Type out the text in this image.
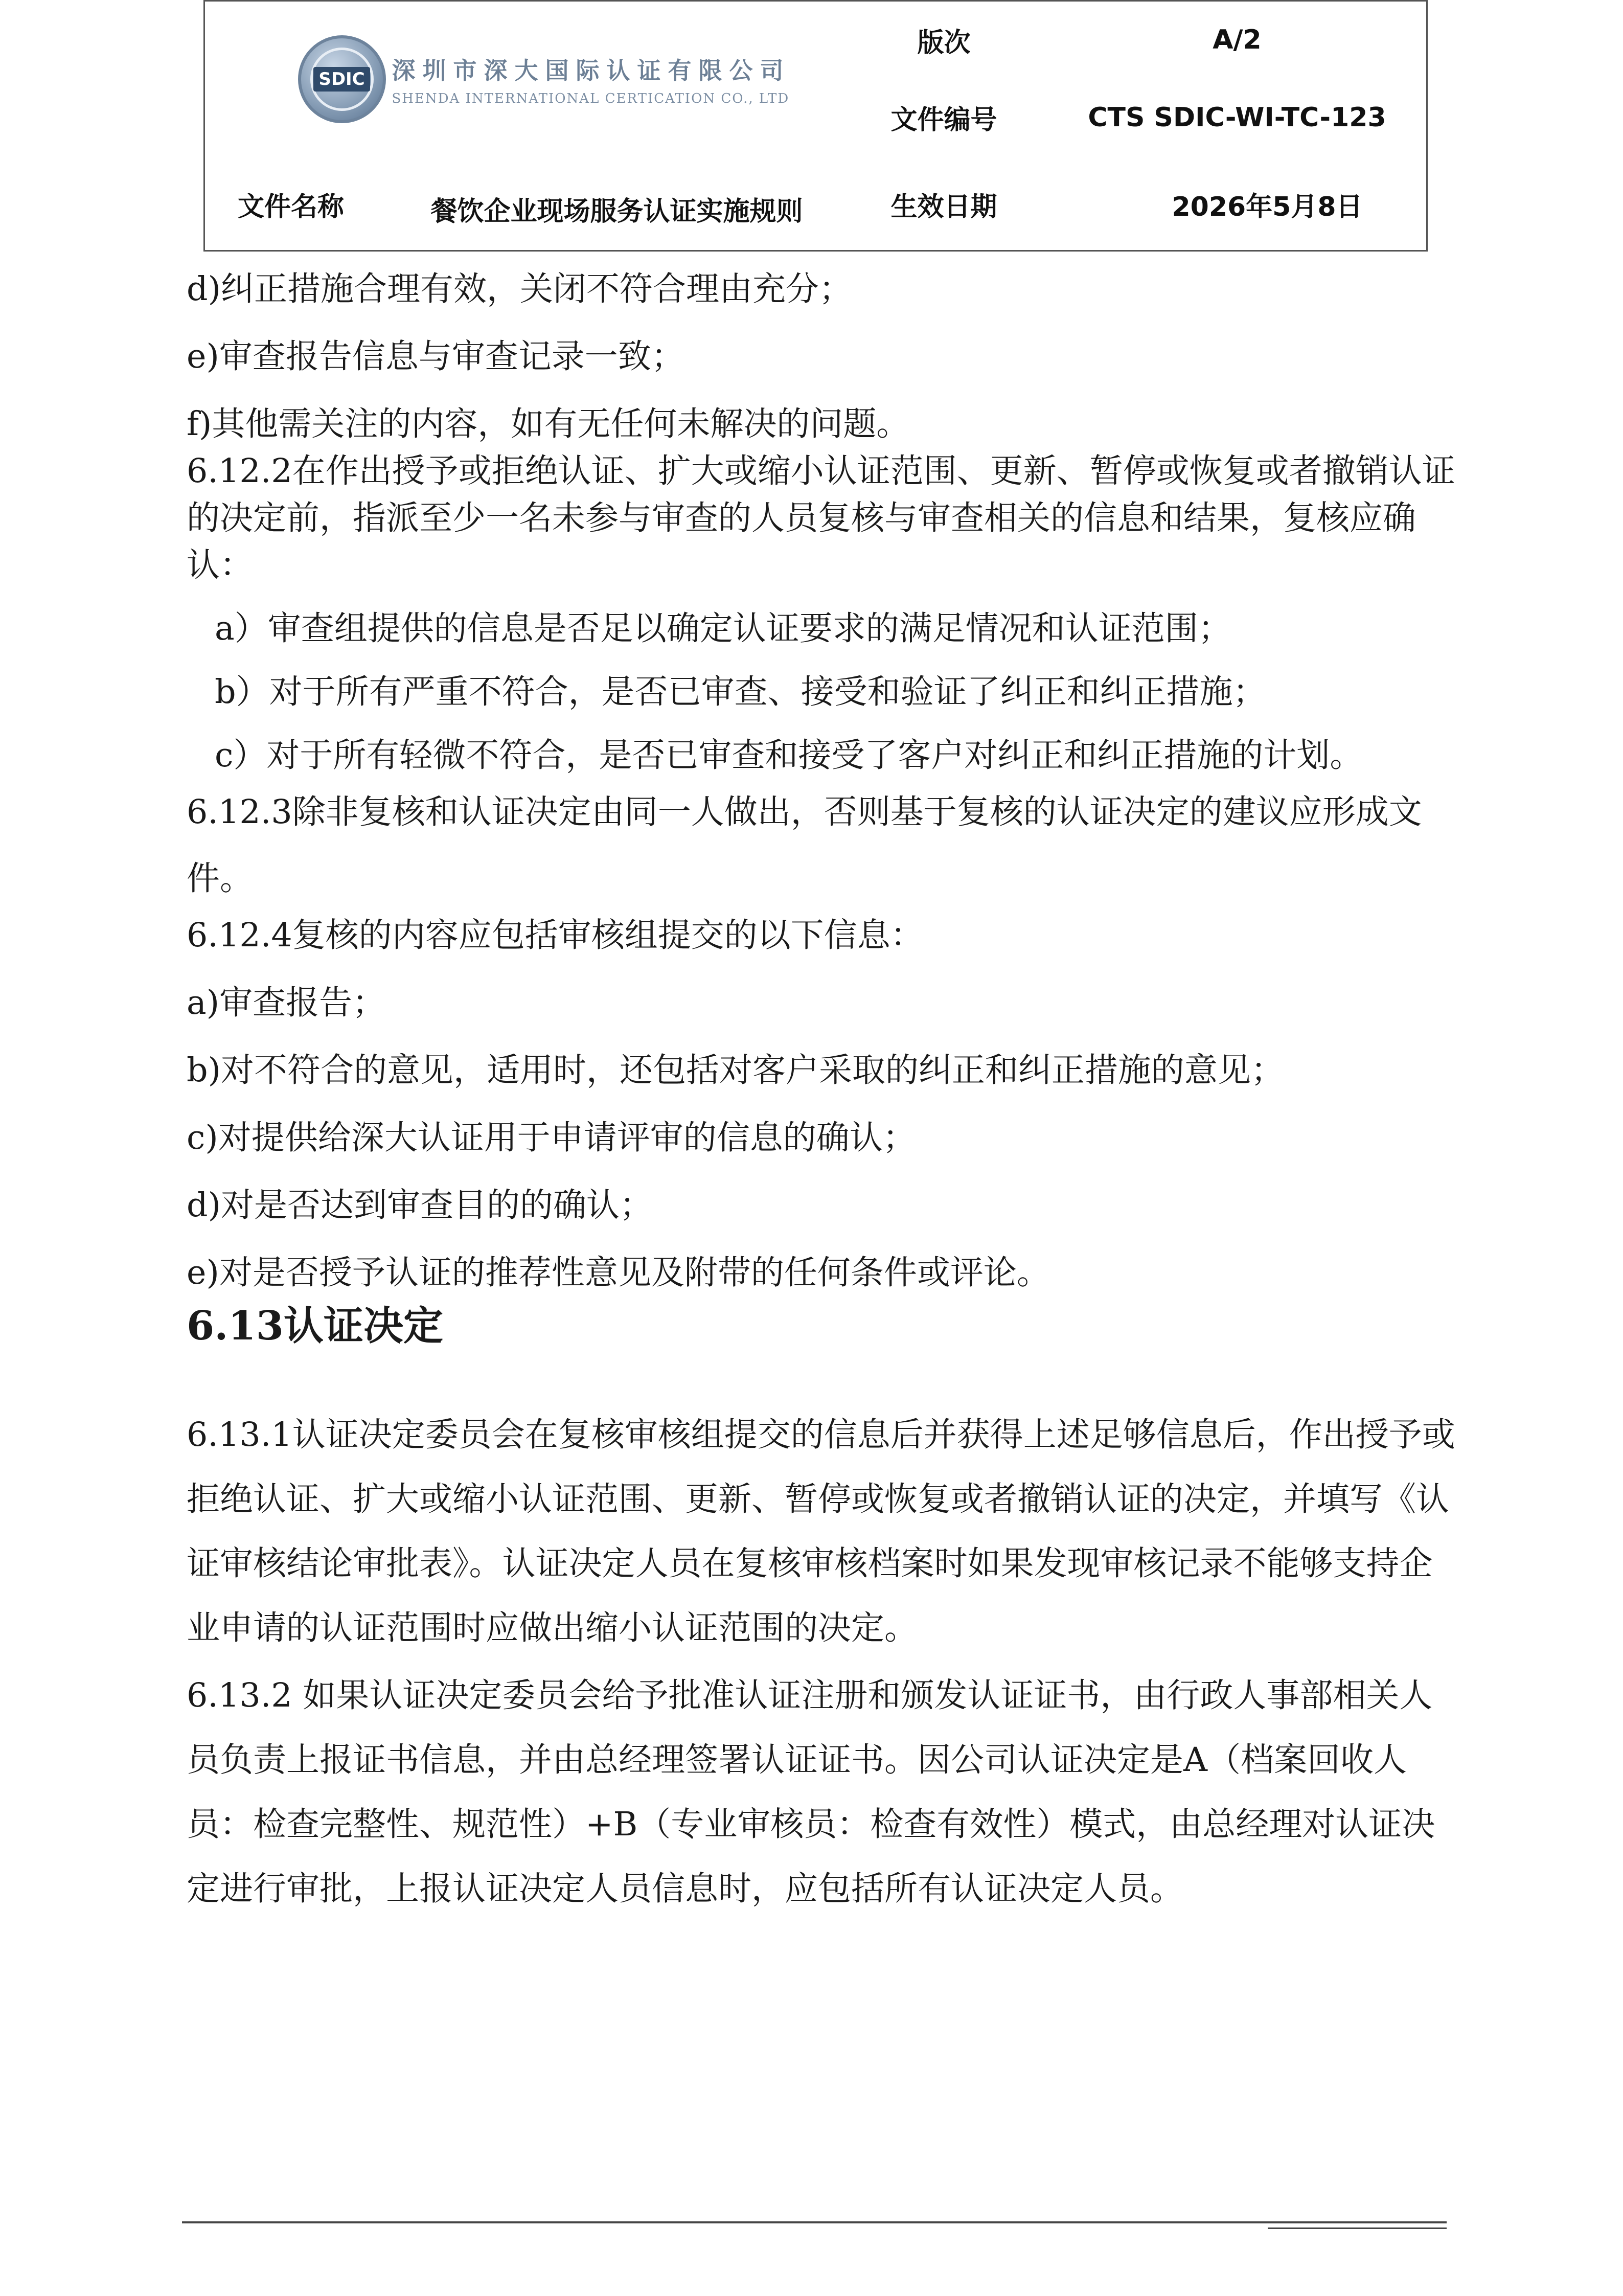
SDIC 深圳市深大国际认证有限公司
SHENDA INTERNATIONAL CERTICATION CO., LTD
文件名称	餐饮企业现场服务认证实施规则
版次	A/2
文件编号	CTS SDIC-WI-TC-123
生效日期	2026年5月8日

d)纠正措施合理有效，关闭不符合理由充分；

e)审查报告信息与审查记录一致；

f)其他需关注的内容，如有无任何未解决的问题。

6.12.2在作出授予或拒绝认证、扩大或缩小认证范围、更新、暂停或恢复或者撤销认证的决定前，指派至少一名未参与审查的人员复核与审查相关的信息和结果，复核应确认：

a）审查组提供的信息是否足以确定认证要求的满足情况和认证范围；

b）对于所有严重不符合，是否已审查、接受和验证了纠正和纠正措施；

c）对于所有轻微不符合，是否已审查和接受了客户对纠正和纠正措施的计划。

6.12.3除非复核和认证决定由同一人做出，否则基于复核的认证决定的建议应形成文件。

6.12.4复核的内容应包括审核组提交的以下信息：

a)审查报告；

b)对不符合的意见，适用时，还包括对客户采取的纠正和纠正措施的意见；

c)对提供给深大认证用于申请评审的信息的确认；

d)对是否达到审查目的的确认；

e)对是否授予认证的推荐性意见及附带的任何条件或评论。

6.13认证决定

6.13.1认证决定委员会在复核审核组提交的信息后并获得上述足够信息后，作出授予或拒绝认证、扩大或缩小认证范围、更新、暂停或恢复或者撤销认证的决定，并填写《认证审核结论审批表》。认证决定人员在复核审核档案时如果发现审核记录不能够支持企业申请的认证范围时应做出缩小认证范围的决定。

6.13.2 如果认证决定委员会给予批准认证注册和颁发认证证书，由行政人事部相关人员负责上报证书信息，并由总经理签署认证证书。因公司认证决定是A（档案回收人员：检查完整性、规范性）+B（专业审核员：检查有效性）模式，由总经理对认证决定进行审批，上报认证决定人员信息时，应包括所有认证决定人员。
